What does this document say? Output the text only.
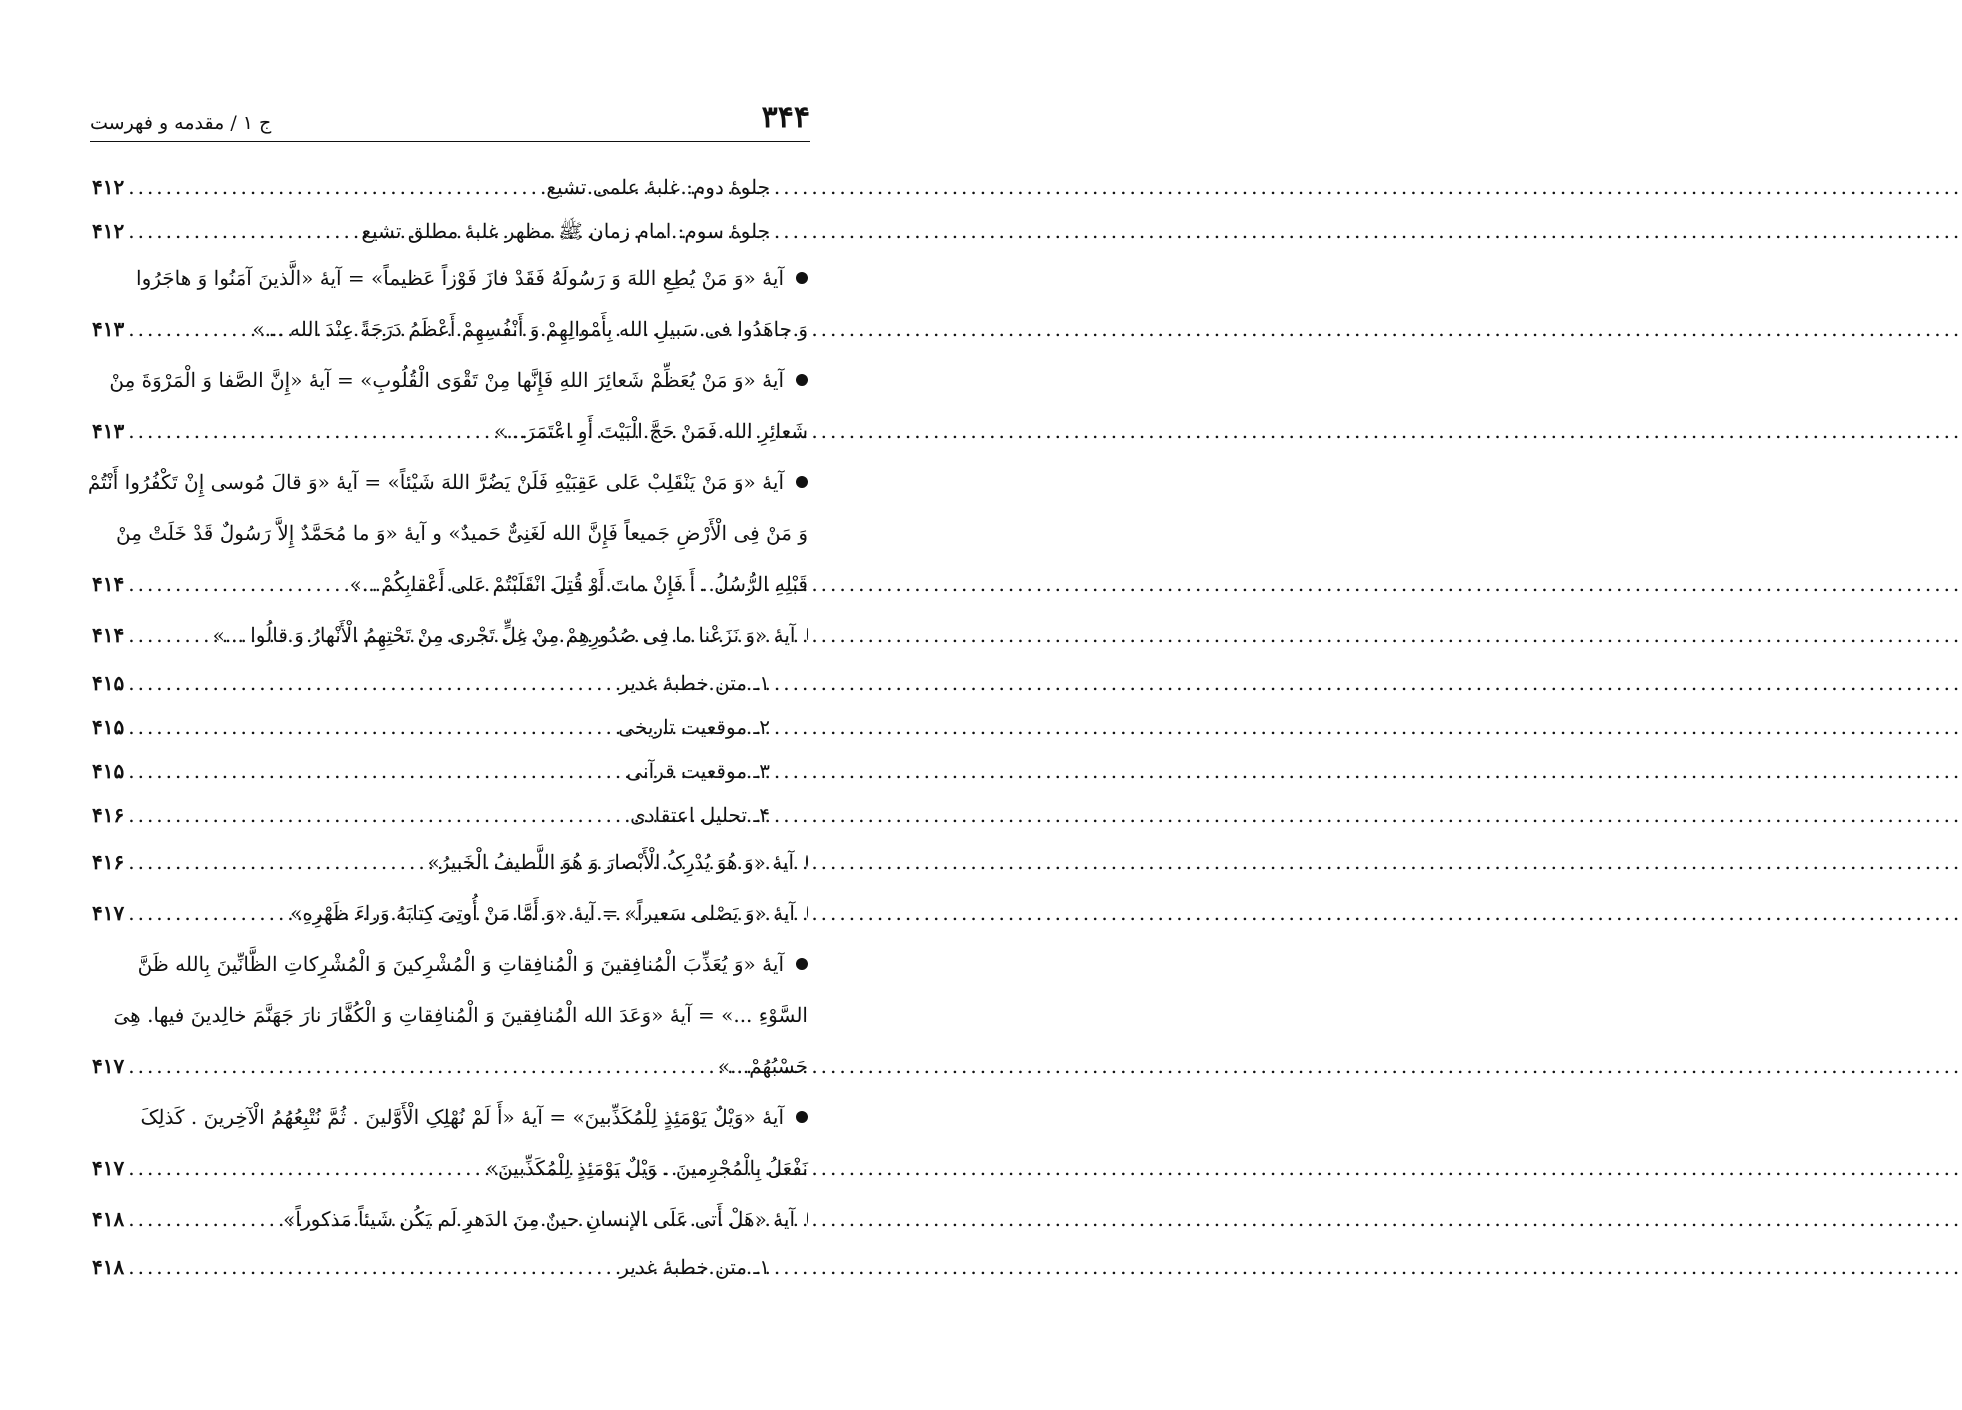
۳۴۴
ج ۱ / مقدمه و فهرست
جلوهٔ دوم: غلبهٔ علمی تشیع
.....
۴۱۲
جلوهٔ سوم: امام زمان ﷺ مظهر غلبهٔ مطلق تشیع
.....
۴۱۲
آیهٔ «وَ مَنْ یُطِعِ اللهَ وَ رَسُولَهُ فَقَدْ فازَ فَوْزاً عَظیماً» = آیهٔ «الَّذینَ آمَنُوا وَ هاجَرُوا
وَ جاهَدُوا فی سَبیلِ الله بِأَمْوالِهِمْ وَ أَنْفُسِهِمْ أَعْظَمُ دَرَجَةً عِنْدَ الله ...»
.....
۴۱۳
آیهٔ «وَ مَنْ یُعَظِّمْ شَعائِرَ اللهِ فَإِنَّها مِنْ تَقْوَی الْقُلُوبِ» = آیهٔ «إِنَّ الصَّفا وَ الْمَرْوَةَ مِنْ
شَعائِرِ الله فَمَنْ حَجَّ الْبَیْتَ أَوِ اعْتَمَرَ...»
.....
۴۱۳
آیهٔ «وَ مَنْ یَنْقَلِبْ عَلی عَقِبَیْهِ فَلَنْ یَضُرَّ اللهَ شَیْئاً» = آیهٔ «وَ قالَ مُوسی إِنْ تَکْفُرُوا أَنْتُمْ
وَ مَنْ فِی الْأَرْضِ جَمیعاً فَإِنَّ الله لَغَنِیٌّ حَمیدٌ» و آیهٔ «وَ ما مُحَمَّدٌ إِلاَّ رَسُولٌ قَدْ خَلَتْ مِنْ
قَبْلِهِ الرُّسُلُ . أَ فَإِنْ ماتَ أَوْ قُتِلَ انْقَلَبْتُمْ عَلی أَعْقابِکُمْ...»
.....
۴۱۴
آیهٔ «وَ نَزَعْنا ما فِی صُدُورِهِمْ مِنْ غِلٍّ تَجْری مِنْ تَحْتِهِمُ الْأَنْهارُ وَ قالُوا ...»
.....
۴۱۴
۱ـ متن خطبهٔ غدیر
.....
۴۱۵
۲ـ موقعیت تاریخی
.....
۴۱۵
۳ـ موقعیت قرآنی
.....
۴۱۵
۴ـ تحلیل اعتقادی
.....
۴۱۶
آیهٔ «وَ هُوَ یُدْرِکُ الْأَبْصارَ وَ هُوَ اللَّطیفُ الْخَبیرُ»
.....
۴۱۶
آیهٔ «وَ یَصْلی سَعیراً» = آیهٔ «وَ أَمَّا مَنْ أُوتِیَ کِتابَهُ وَراءَ ظَهْرِهِ»
.....
۴۱۷
آیهٔ «وَ یُعَذِّبَ الْمُنافِقینَ وَ الْمُنافِقاتِ وَ الْمُشْرِکینَ وَ الْمُشْرِکاتِ الظَّانِّینَ بِالله ظَنَّ
السَّوْءِ ...» = آیهٔ «وَعَدَ الله الْمُنافِقینَ وَ الْمُنافِقاتِ وَ الْکُفَّارَ نارَ جَهَنَّمَ خالِدینَ فیها. هِیَ
حَسْبُهُمْ...»
.....
۴۱۷
آیهٔ «وَیْلٌ یَوْمَئِذٍ لِلْمُکَذِّبینَ» = آیهٔ «أَ لَمْ نُهْلِکِ الْأَوَّلینَ . ثُمَّ نُتْبِعُهُمُ الْآخِرینَ . کَذلِکَ
نَفْعَلُ بِالْمُجْرِمینَ . وَیْلٌ یَوْمَئِذٍ لِلْمُکَذِّبینَ»
.....
۴۱۷
آیهٔ «هَلْ أَتی عَلَی الإنسانِ حینٌ مِنَ الدَهرِ لَم یَکُن شَیئاً مَذکوراً»
.....
۴۱۸
۱ـ متن خطبهٔ غدیر
.....
۴۱۸
